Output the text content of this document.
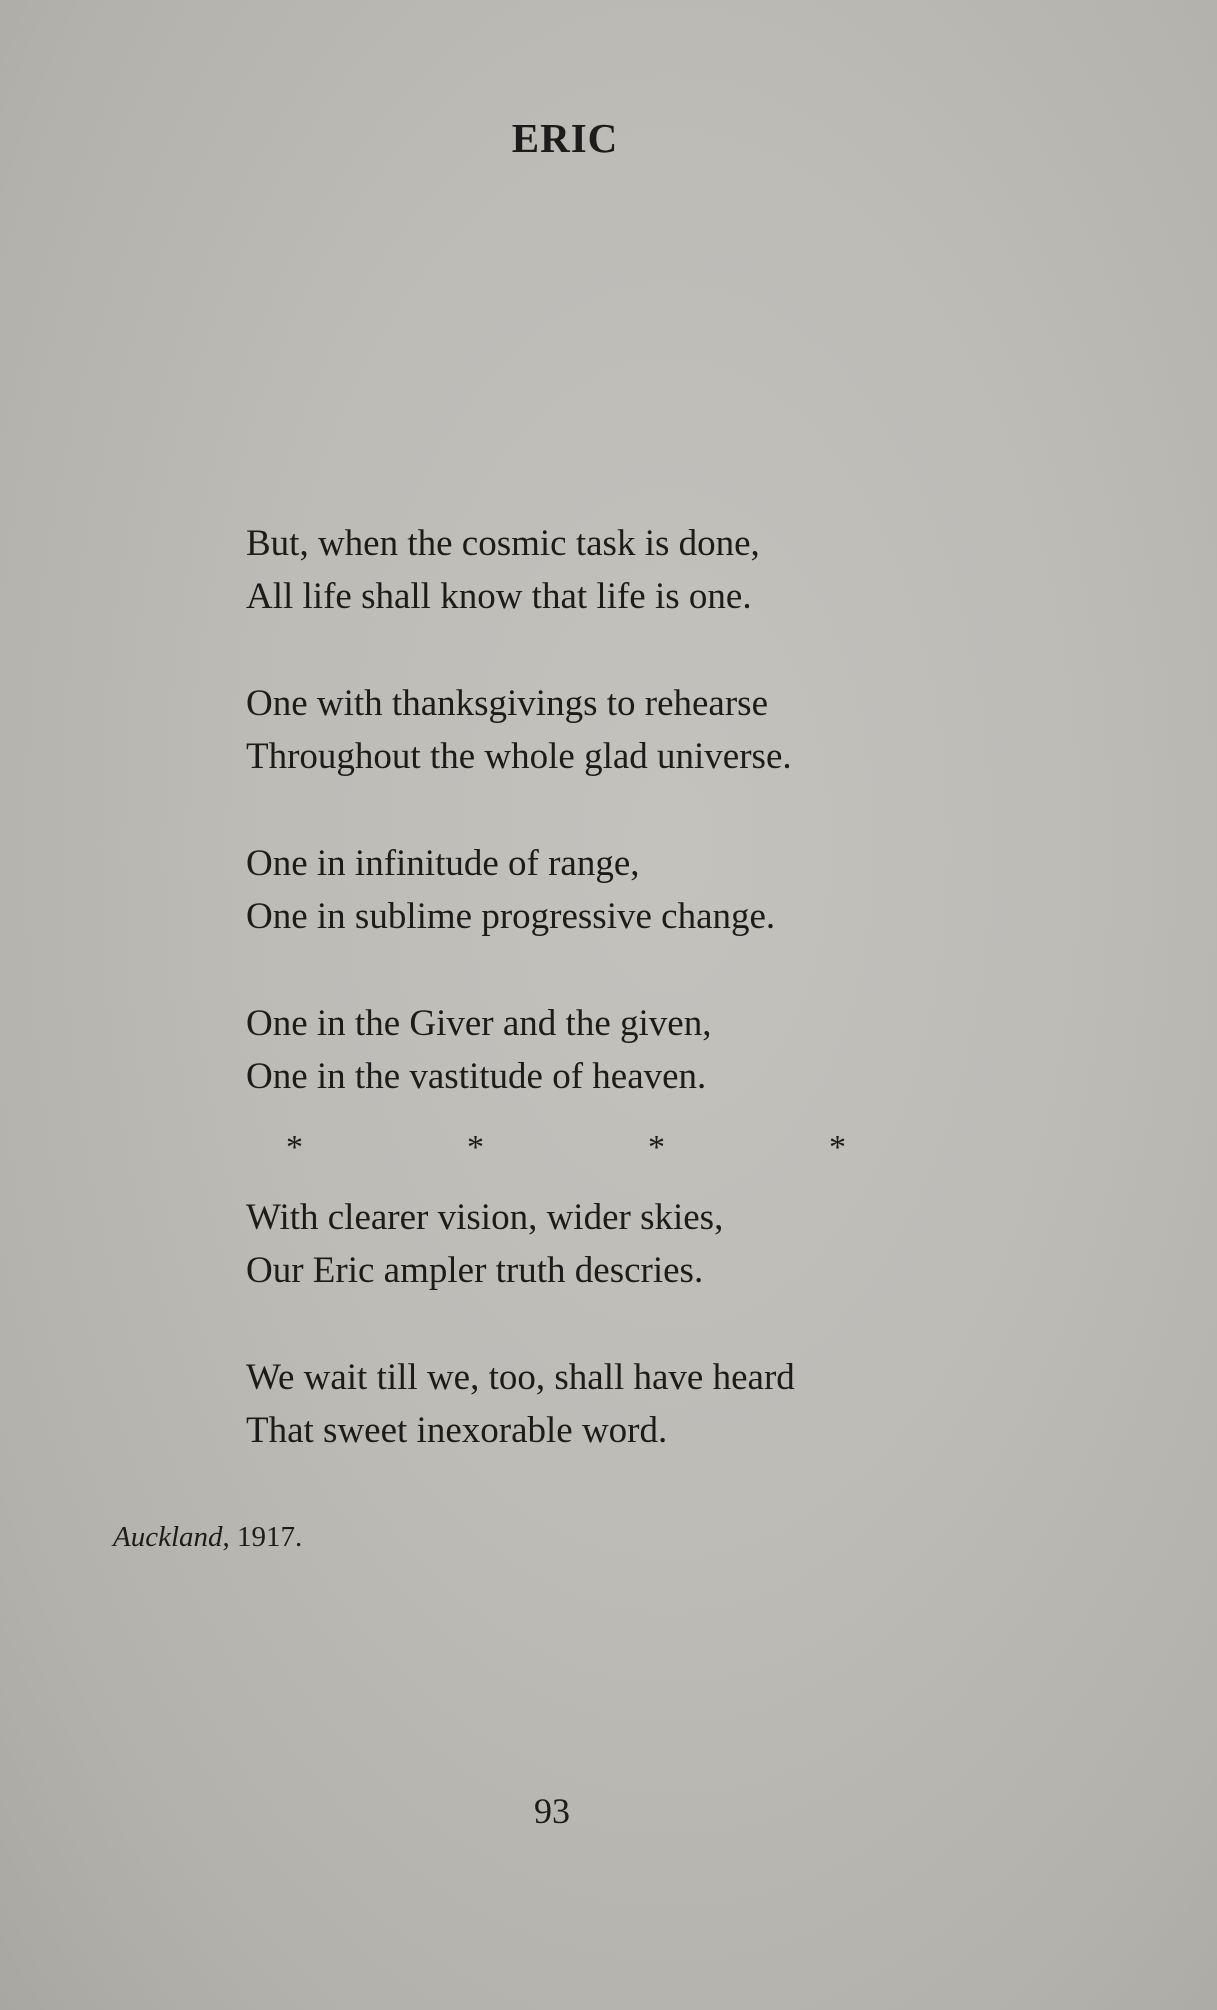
ERIC
But, when the cosmic task is done,
All life shall know that life is one.
One with thanksgivings to rehearse
Throughout the whole glad universe.
One in infinitude of range,
One in sublime progressive change.
One in the Giver and the given,
One in the vastitude of heaven.
*	*	*	*
With clearer vision, wider skies,
Our Eric ampler truth descries.
We wait till we, too, shall have heard
That sweet inexorable word.
Auckland, 1917.
93
